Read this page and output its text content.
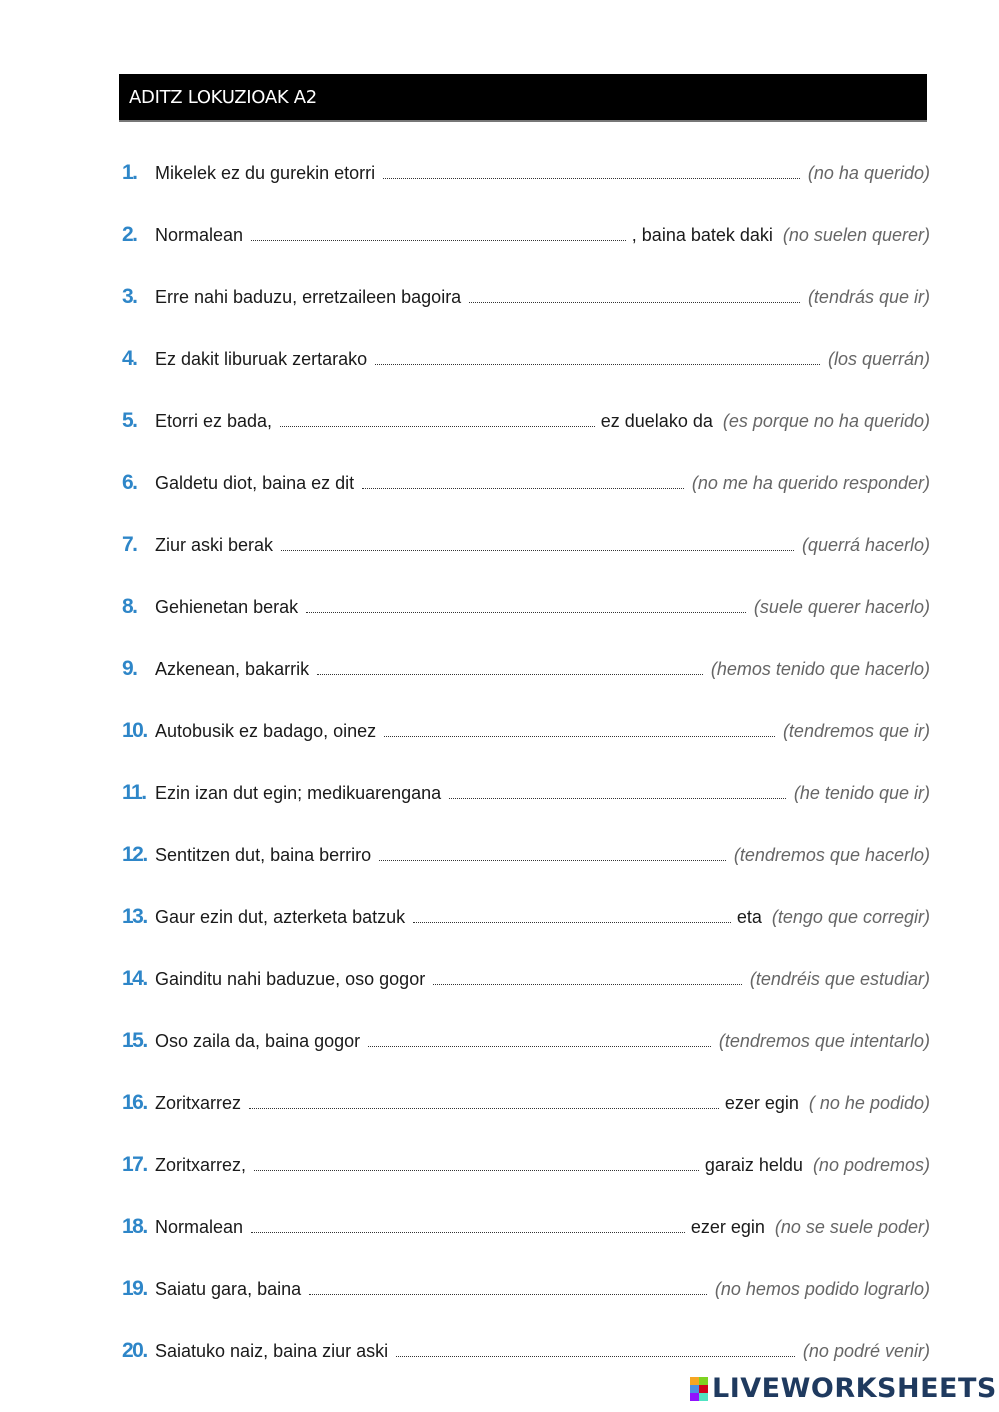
ADITZ LOKUZIOAK A2
1.	Mikelek ez du gurekin etorri	(no ha querido)
2.	Normalean	, baina batek daki (no suelen querer)
3.	Erre nahi baduzu, erretzaileen bagoira	(tendrás que ir)
4.	Ez dakit liburuak zertarako	(los querrán)
5.	Etorri ez bada,	ez duelako da (es porque no ha querido)
6.	Galdetu diot, baina ez dit	(no me ha querido responder)
7.	Ziur aski berak	(querrá hacerlo)
8.	Gehienetan berak	(suele querer hacerlo)
9.	Azkenean, bakarrik	(hemos tenido que hacerlo)
10. Autobusik ez badago, oinez	(tendremos que ir)
11. Ezin izan dut egin; medikuarengana	(he tenido que ir)
12. Sentitzen dut, baina berriro	(tendremos que hacerlo)
13. Gaur ezin dut, azterketa batzuk	eta (tengo que corregir)
14. Gainditu nahi baduzue, oso gogor	(tendréis que estudiar)
15. Oso zaila da, baina gogor	(tendremos que intentarlo)
16. Zoritxarrez	ezer egin ( no he podido)
17. Zoritxarrez,	garaiz heldu (no podremos)
18. Normalean	ezer egin (no se suele poder)
19. Saiatu gara, baina	(no hemos podido lograrlo)
20. Saiatuko naiz, baina ziur aski	(no podré venir)
LIVEWORKSHEETS
